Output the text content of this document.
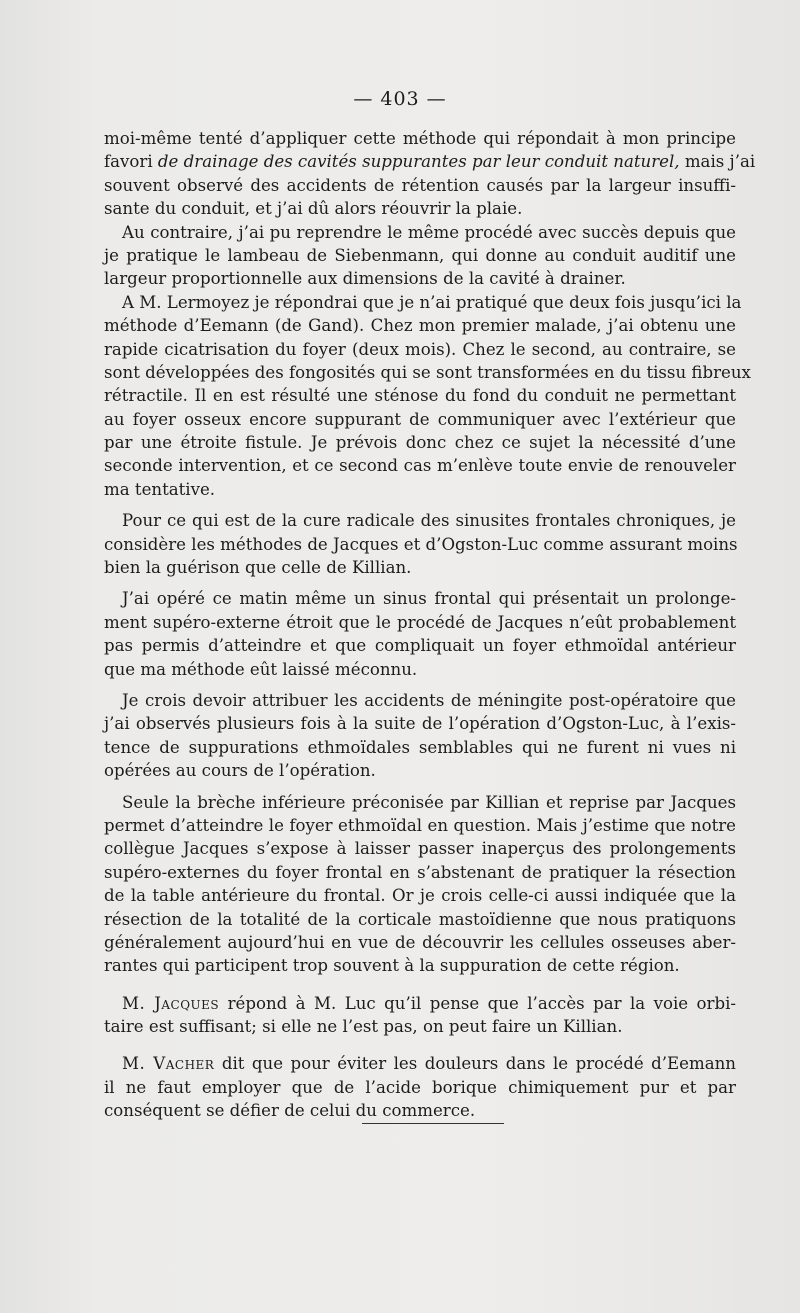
— 403 —
moi-même tenté d’appliquer cette méthode qui répondait à mon principe
favori de drainage des cavités suppurantes par leur conduit naturel, mais j’ai
souvent observé des accidents de rétention causés par la largeur insuffi-
sante du conduit, et j’ai dû alors réouvrir la plaie.
Au contraire, j’ai pu reprendre le même procédé avec succès depuis que
je pratique le lambeau de Siebenmann, qui donne au conduit auditif une
largeur proportionnelle aux dimensions de la cavité à drainer.
A M. Lermoyez je répondrai que je n’ai pratiqué que deux fois jusqu’ici la
méthode d’Eemann (de Gand). Chez mon premier malade, j’ai obtenu une
rapide cicatrisation du foyer (deux mois). Chez le second, au contraire, se
sont développées des fongosités qui se sont transformées en du tissu fibreux
rétractile. Il en est résulté une sténose du fond du conduit ne permettant
au foyer osseux encore suppurant de communiquer avec l’extérieur que
par une étroite fistule. Je prévois donc chez ce sujet la nécessité d’une
seconde intervention, et ce second cas m’enlève toute envie de renouveler
ma tentative.
Pour ce qui est de la cure radicale des sinusites frontales chroniques, je
considère les méthodes de Jacques et d’Ogston-Luc comme assurant moins
bien la guérison que celle de Killian.
J’ai opéré ce matin même un sinus frontal qui présentait un prolonge-
ment supéro-externe étroit que le procédé de Jacques n’eût probablement
pas permis d’atteindre et que compliquait un foyer ethmoïdal antérieur
que ma méthode eût laissé méconnu.
Je crois devoir attribuer les accidents de méningite post-opératoire que
j’ai observés plusieurs fois à la suite de l’opération d’Ogston-Luc, à l’exis-
tence de suppurations ethmoïdales semblables qui ne furent ni vues ni
opérées au cours de l’opération.
Seule la brèche inférieure préconisée par Killian et reprise par Jacques
permet d’atteindre le foyer ethmoïdal en question. Mais j’estime que notre
collègue Jacques s’expose à laisser passer inaperçus des prolongements
supéro-externes du foyer frontal en s’abstenant de pratiquer la résection
de la table antérieure du frontal. Or je crois celle-ci aussi indiquée que la
résection de la totalité de la corticale mastoïdienne que nous pratiquons
généralement aujourd’hui en vue de découvrir les cellules osseuses aber-
rantes qui participent trop souvent à la suppuration de cette région.
M. Jacques répond à M. Luc qu’il pense que l’accès par la voie orbi-
taire est suffisant; si elle ne l’est pas, on peut faire un Killian.
M. Vacher dit que pour éviter les douleurs dans le procédé d’Eemann
il ne faut employer que de l’acide borique chimiquement pur et par
conséquent se défier de celui du commerce.
